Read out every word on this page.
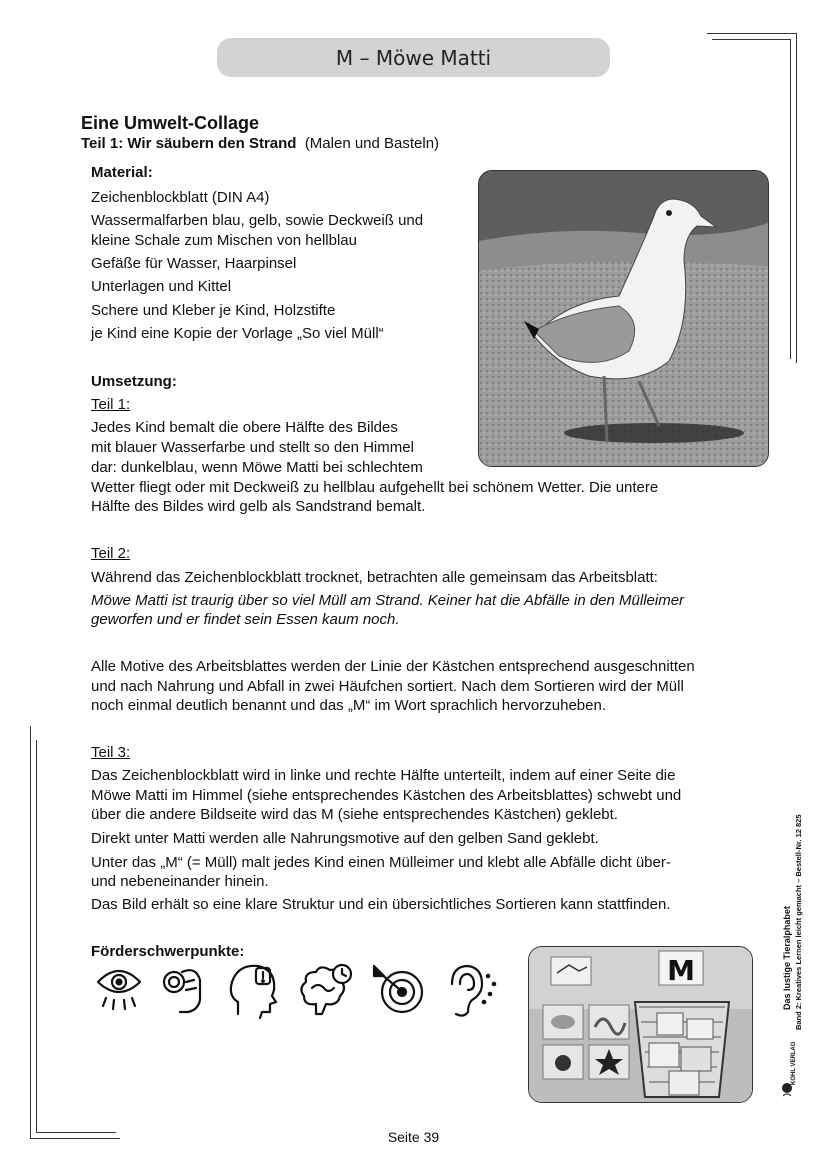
M – Möwe Matti
Eine Umwelt-Collage
Teil 1: Wir säubern den Strand (Malen und Basteln)
Material:
Zeichenblockblatt (DIN A4)
Wassermalfarben blau, gelb, sowie Deckweiß und
kleine Schale zum Mischen von hellblau
Gefäße für Wasser, Haarpinsel
Unterlagen und Kittel
Schere und Kleber je Kind, Holzstifte
je Kind eine Kopie der Vorlage „So viel Müll“
Umsetzung:
Teil 1:
Jedes Kind bemalt die obere Hälfte des Bildes
mit blauer Wasserfarbe und stellt so den Himmel
dar: dunkelblau, wenn Möwe Matti bei schlechtem
Wetter fliegt oder mit Deckweiß zu hellblau aufgehellt bei schönem Wetter. Die untere
Hälfte des Bildes wird gelb als Sandstrand bemalt.
Teil 2:
Während das Zeichenblockblatt trocknet, betrachten alle gemeinsam das Arbeitsblatt:
Möwe Matti ist traurig über so viel Müll am Strand. Keiner hat die Abfälle in den Mülleimer
geworfen und er findet sein Essen kaum noch.
Alle Motive des Arbeitsblattes werden der Linie der Kästchen entsprechend ausgeschnitten
und nach Nahrung und Abfall in zwei Häufchen sortiert. Nach dem Sortieren wird der Müll
noch einmal deutlich benannt und das „M“ im Wort sprachlich hervorzuheben.
Teil 3:
Das Zeichenblockblatt wird in linke und rechte Hälfte unterteilt, indem auf einer Seite die
Möwe Matti im Himmel (siehe entsprechendes Kästchen des Arbeitsblattes) schwebt und
über die andere Bildseite wird das M (siehe entsprechendes Kästchen) geklebt.
Direkt unter Matti werden alle Nahrungsmotive auf den gelben Sand geklebt.
Unter das „M“ (= Müll) malt jedes Kind einen Mülleimer und klebt alle Abfälle dicht über-
und nebeneinander hinein.
Das Bild erhält so eine klare Struktur und ein übersichtliches Sortieren kann stattfinden.
Förderschwerpunkte:
M	Das lustige Tieralphabet Band 2: Kreatives Lernen leicht gemacht – Bestell-Nr. 12 825
KOHL VERLAG
Seite 39
